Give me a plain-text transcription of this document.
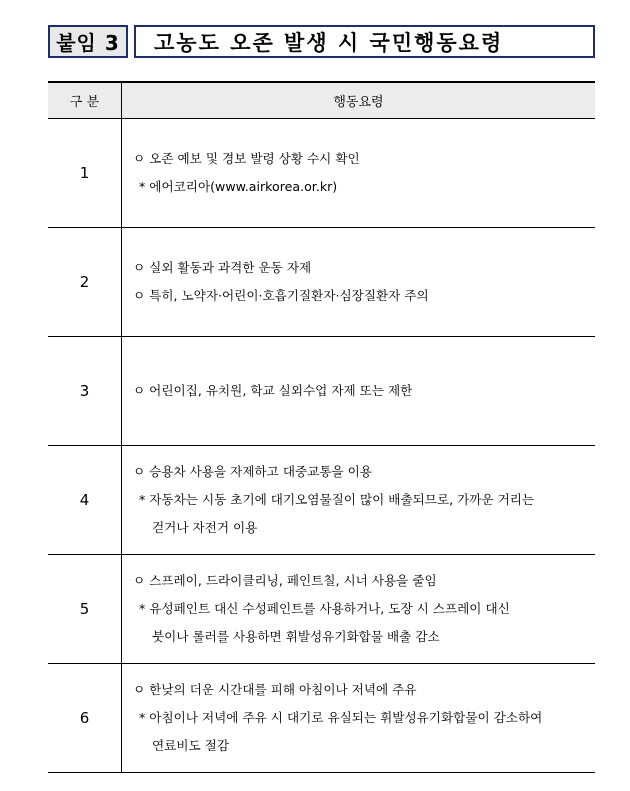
붙임 3	고농도 오존 발생 시 국민행동요령
구 분	행동요령
1	ㅇ 오존 예보 및 경보 발령 상황 수시 확인
* 에어코리아(www.airkorea.or.kr)

2	ㅇ 실외 활동과 과격한 운동 자제
ㅇ 특히, 노약자·어린이·호흡기질환자·심장질환자 주의

3	ㅇ 어린이집, 유치원, 학교 실외수업 자제 또는 제한

4	ㅇ 승용차 사용을 자제하고 대중교통을 이용
* 자동차는 시동 초기에 대기오염물질이 많이 배출되므로, 가까운 거리는
걷거나 자전거 이용

5	ㅇ 스프레이, 드라이클리닝, 페인트칠, 시너 사용을 줄임
* 유성페인트 대신 수성페인트를 사용하거나, 도장 시 스프레이 대신
붓이나 롤러를 사용하면 휘발성유기화합물 배출 감소

6	ㅇ 한낮의 더운 시간대를 피해 아침이나 저녁에 주유
* 아침이나 저녁에 주유 시 대기로 유실되는 휘발성유기화합물이 감소하여
연료비도 절감
